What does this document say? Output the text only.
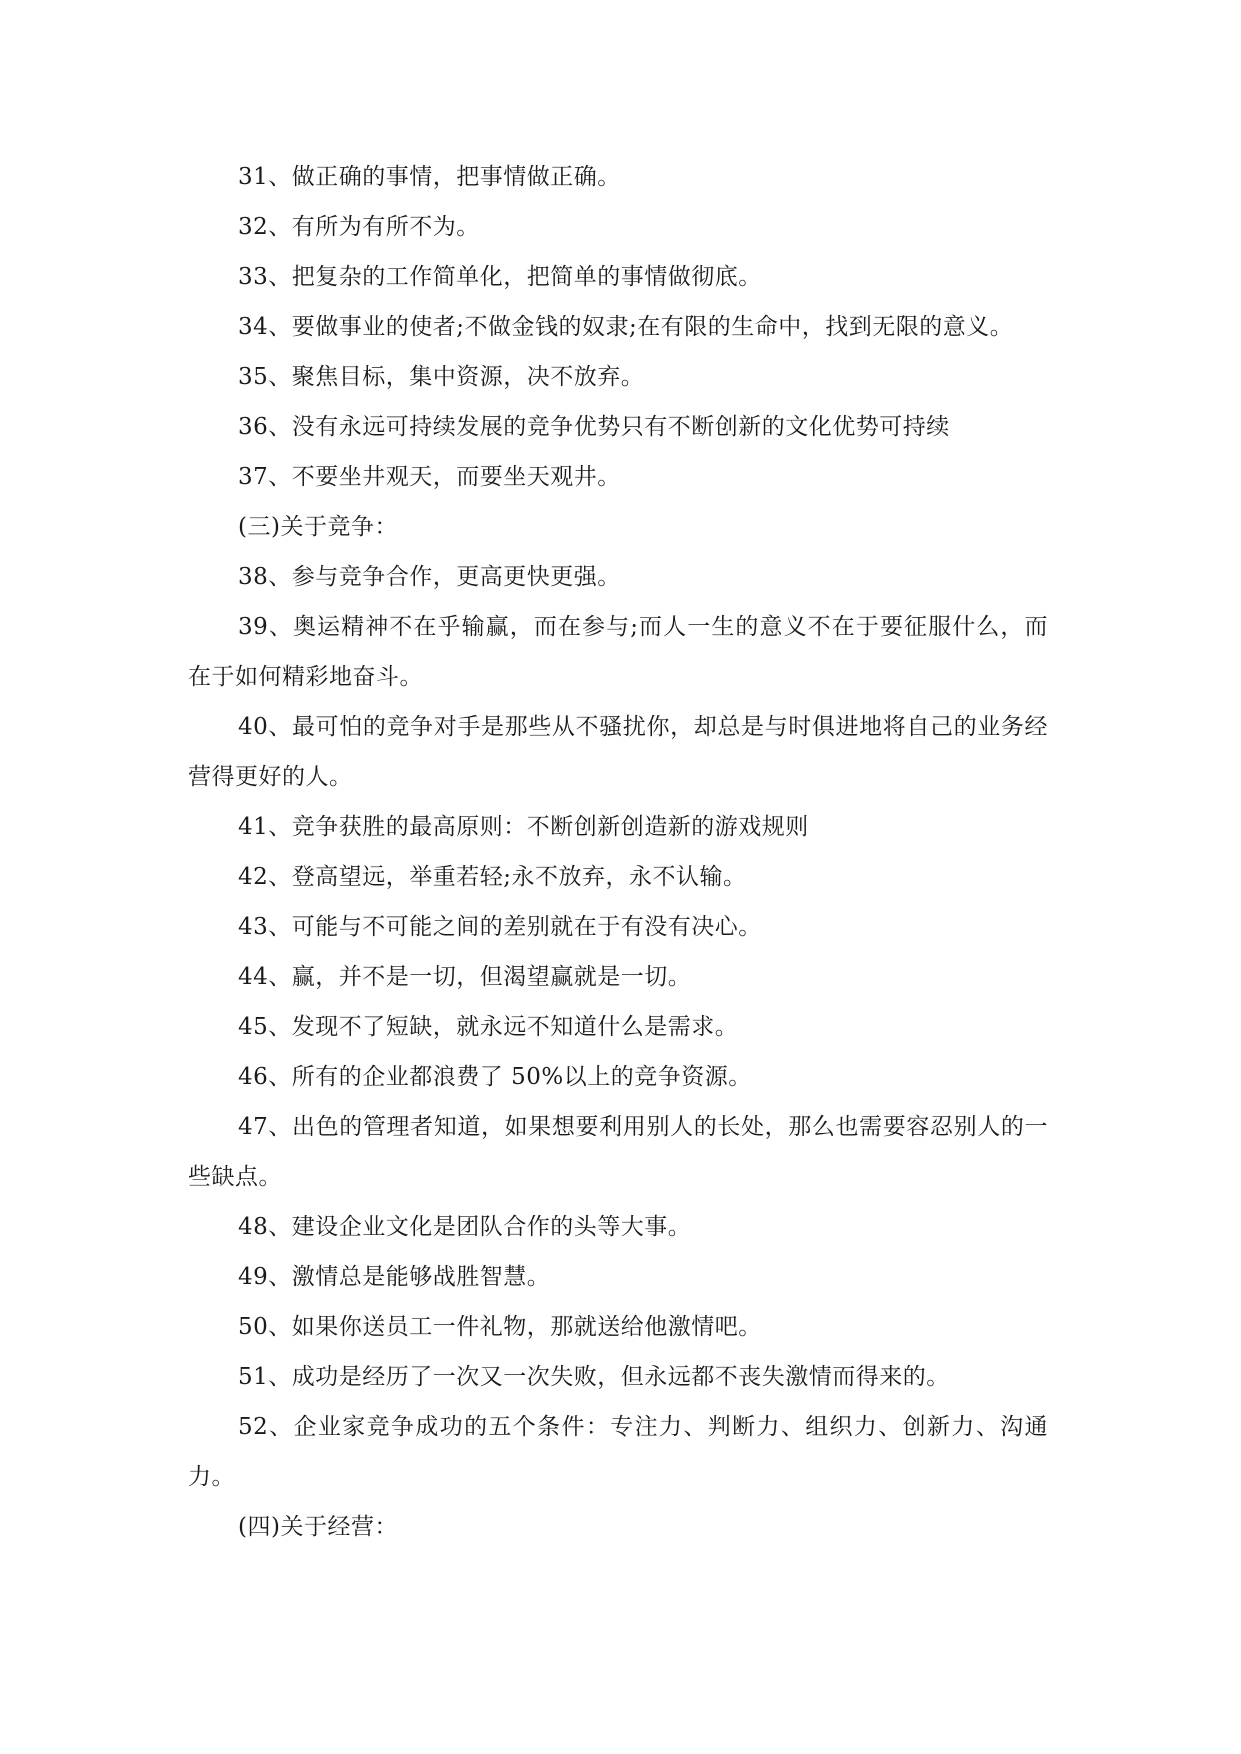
31、做正确的事情，把事情做正确。

32、有所为有所不为。

33、把复杂的工作简单化，把简单的事情做彻底。

34、要做事业的使者;不做金钱的奴隶;在有限的生命中，找到无限的意义。

35、聚焦目标，集中资源，决不放弃。

36、没有永远可持续发展的竞争优势只有不断创新的文化优势可持续

37、不要坐井观天，而要坐天观井。

(三)关于竞争：

38、参与竞争合作，更高更快更强。

39、奥运精神不在乎输赢，而在参与;而人一生的意义不在于要征服什么，而在于如何精彩地奋斗。

40、最可怕的竞争对手是那些从不骚扰你，却总是与时俱进地将自己的业务经营得更好的人。

41、竞争获胜的最高原则：不断创新创造新的游戏规则

42、登高望远，举重若轻;永不放弃，永不认输。

43、可能与不可能之间的差别就在于有没有决心。

44、赢，并不是一切，但渴望赢就是一切。

45、发现不了短缺，就永远不知道什么是需求。

46、所有的企业都浪费了 50%以上的竞争资源。

47、出色的管理者知道，如果想要利用别人的长处，那么也需要容忍别人的一些缺点。

48、建设企业文化是团队合作的头等大事。

49、激情总是能够战胜智慧。

50、如果你送员工一件礼物，那就送给他激情吧。

51、成功是经历了一次又一次失败，但永远都不丧失激情而得来的。

52、企业家竞争成功的五个条件：专注力、判断力、组织力、创新力、沟通力。

(四)关于经营：
